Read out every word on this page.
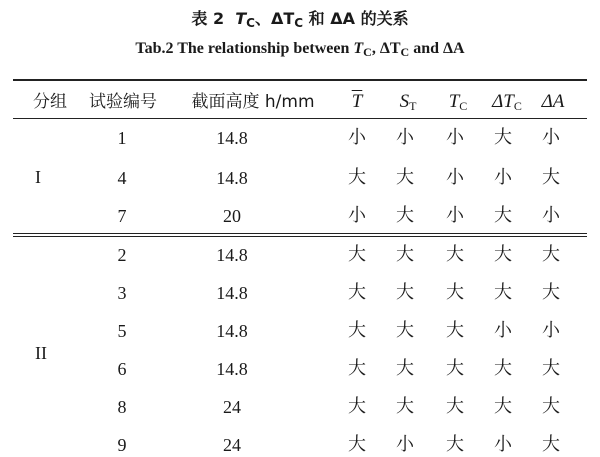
表 2 $T_C$、$\Delta T_C$ 和 ΔA 的关系
Tab.2 The relationship between $T_C$, $\Delta T_C$ and ΔA
分组	试验编号	截面高度 h/mm	$\overline{T}$	$S_T$	$T_C$	$\Delta T_C$	ΔA
I
1	14.8	小	小	小	大	小
4	14.8	大	大	小	小	大
7	20	小	大	小	大	小
II
2	14.8	大	大	大	大	大
3	14.8	大	大	大	大	大
5	14.8	大	大	大	小	小
6	14.8	大	大	大	大	大
8	24	大	大	大	大	大
9	24	大	小	大	小	大
